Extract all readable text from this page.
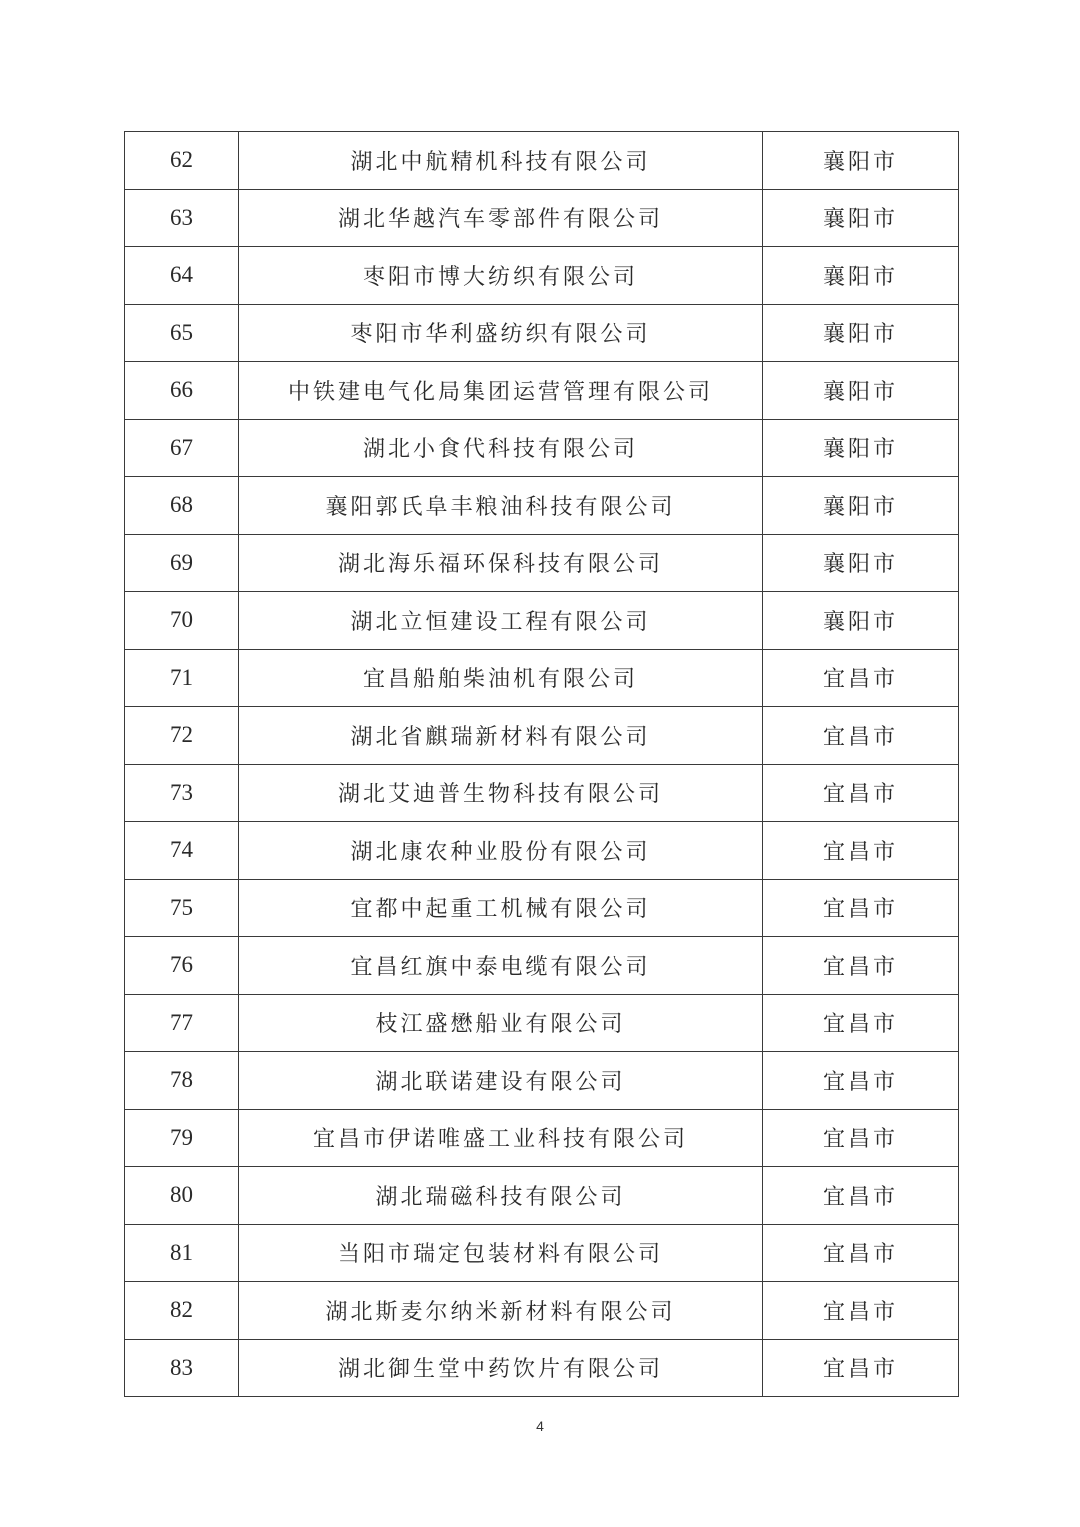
62	湖北中航精机科技有限公司	襄阳市
63	湖北华越汽车零部件有限公司	襄阳市
64	枣阳市博大纺织有限公司	襄阳市
65	枣阳市华利盛纺织有限公司	襄阳市
66	中铁建电气化局集团运营管理有限公司	襄阳市
67	湖北小食代科技有限公司	襄阳市
68	襄阳郭氏阜丰粮油科技有限公司	襄阳市
69	湖北海乐福环保科技有限公司	襄阳市
70	湖北立恒建设工程有限公司	襄阳市
71	宜昌船舶柴油机有限公司	宜昌市
72	湖北省麒瑞新材料有限公司	宜昌市
73	湖北艾迪普生物科技有限公司	宜昌市
74	湖北康农种业股份有限公司	宜昌市
75	宜都中起重工机械有限公司	宜昌市
76	宜昌红旗中泰电缆有限公司	宜昌市
77	枝江盛懋船业有限公司	宜昌市
78	湖北联诺建设有限公司	宜昌市
79	宜昌市伊诺唯盛工业科技有限公司	宜昌市
80	湖北瑞磁科技有限公司	宜昌市
81	当阳市瑞定包装材料有限公司	宜昌市
82	湖北斯麦尔纳米新材料有限公司	宜昌市
83	湖北御生堂中药饮片有限公司	宜昌市
4
